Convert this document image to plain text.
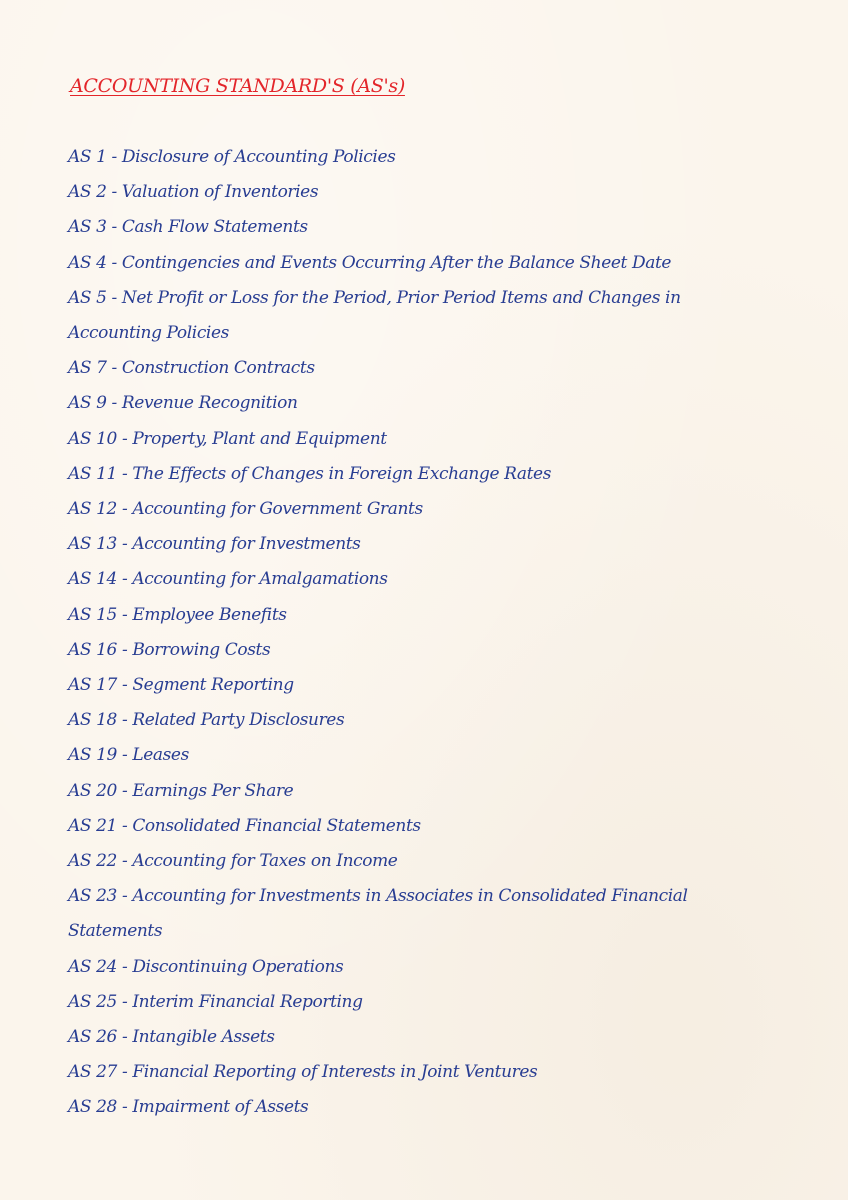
ACCOUNTING STANDARD'S (AS's)
AS 1 - Disclosure of Accounting Policies
AS 2 - Valuation of Inventories
AS 3 - Cash Flow Statements
AS 4 - Contingencies and Events Occurring After the Balance Sheet Date
AS 5 - Net Profit or Loss for the Period, Prior Period Items and Changes in Accounting Policies
AS 7 - Construction Contracts
AS 9 - Revenue Recognition
AS 10 - Property, Plant and Equipment
AS 11 - The Effects of Changes in Foreign Exchange Rates
AS 12 - Accounting for Government Grants
AS 13 - Accounting for Investments
AS 14 - Accounting for Amalgamations
AS 15 - Employee Benefits
AS 16 - Borrowing Costs
AS 17 - Segment Reporting
AS 18 - Related Party Disclosures
AS 19 - Leases
AS 20 - Earnings Per Share
AS 21 - Consolidated Financial Statements
AS 22 - Accounting for Taxes on Income
AS 23 - Accounting for Investments in Associates in Consolidated Financial Statements
AS 24 - Discontinuing Operations
AS 25 - Interim Financial Reporting
AS 26 - Intangible Assets
AS 27 - Financial Reporting of Interests in Joint Ventures
AS 28 - Impairment of Assets
